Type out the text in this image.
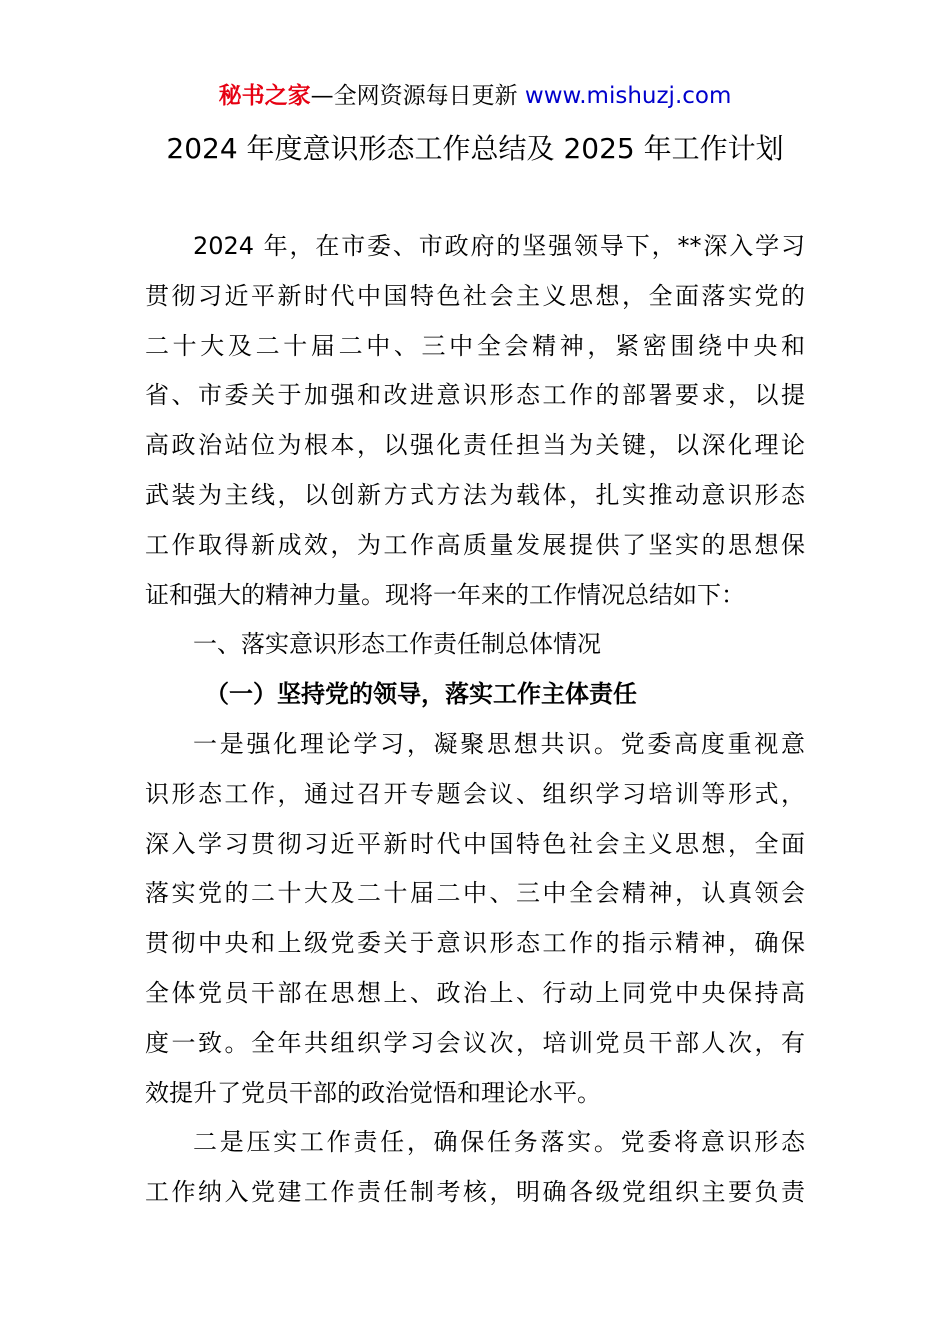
秘书之家—全网资源每日更新 www.mishuzj.com
2024 年度意识形态工作总结及 2025 年工作计划
2024 年，在市委、市政府的坚强领导下，**深入学习
贯彻习近平新时代中国特色社会主义思想，全面落实党的
二十大及二十届二中、三中全会精神，紧密围绕中央和
省、市委关于加强和改进意识形态工作的部署要求，以提
高政治站位为根本，以强化责任担当为关键，以深化理论
武装为主线，以创新方式方法为载体，扎实推动意识形态
工作取得新成效，为工作高质量发展提供了坚实的思想保
证和强大的精神力量。现将一年来的工作情况总结如下：
一、落实意识形态工作责任制总体情况
（一）坚持党的领导，落实工作主体责任
一是强化理论学习，凝聚思想共识。党委高度重视意
识形态工作，通过召开专题会议、组织学习培训等形式，
深入学习贯彻习近平新时代中国特色社会主义思想，全面
落实党的二十大及二十届二中、三中全会精神，认真领会
贯彻中央和上级党委关于意识形态工作的指示精神，确保
全体党员干部在思想上、政治上、行动上同党中央保持高
度一致。全年共组织学习会议次，培训党员干部人次，有
效提升了党员干部的政治觉悟和理论水平。
二是压实工作责任，确保任务落实。党委将意识形态
工作纳入党建工作责任制考核，明确各级党组织主要负责
